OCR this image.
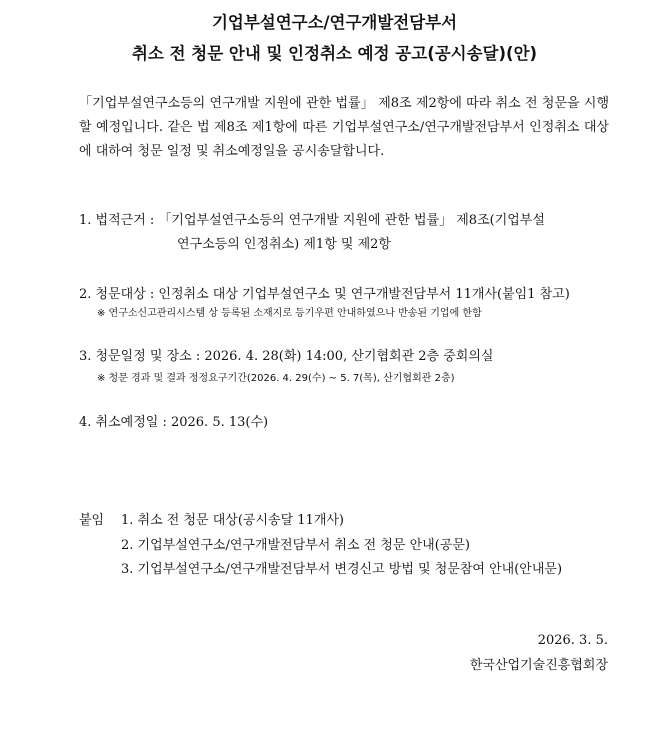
기업부설연구소/연구개발전담부서
취소 전 청문 안내 및 인정취소 예정 공고(공시송달)(안)

「기업부설연구소등의 연구개발 지원에 관한 법률」 제8조 제2항에 따라 취소 전 청문을 시행할 예정입니다. 같은 법 제8조 제1항에 따른 기업부설연구소/연구개발전담부서 인정취소 대상에 대하여 청문 일정 및 취소예정일을 공시송달합니다.

1. 법적근거 : 「기업부설연구소등의 연구개발 지원에 관한 법률」 제8조(기업부설
연구소등의 인정취소) 제1항 및 제2항
2. 청문대상 : 인정취소 대상 기업부설연구소 및 연구개발전담부서 11개사(붙임1 참고)
※ 연구소신고관리시스템 상 등록된 소재지로 등기우편 안내하였으나 반송된 기업에 한함
3. 청문일정 및 장소 : 2026. 4. 28(화) 14:00, 산기협회관 2층 중회의실
※ 청문 경과 및 결과 정정요구기간(2026. 4. 29(수) ~ 5. 7(목), 산기협회관 2층)
4. 취소예정일 : 2026. 5. 13(수)
붙임 1. 취소 전 청문 대상(공시송달 11개사)
2. 기업부설연구소/연구개발전담부서 취소 전 청문 안내(공문)
3. 기업부설연구소/연구개발전담부서 변경신고 방법 및 청문참여 안내(안내문)
2026. 3. 5.
한국산업기술진흥협회장
